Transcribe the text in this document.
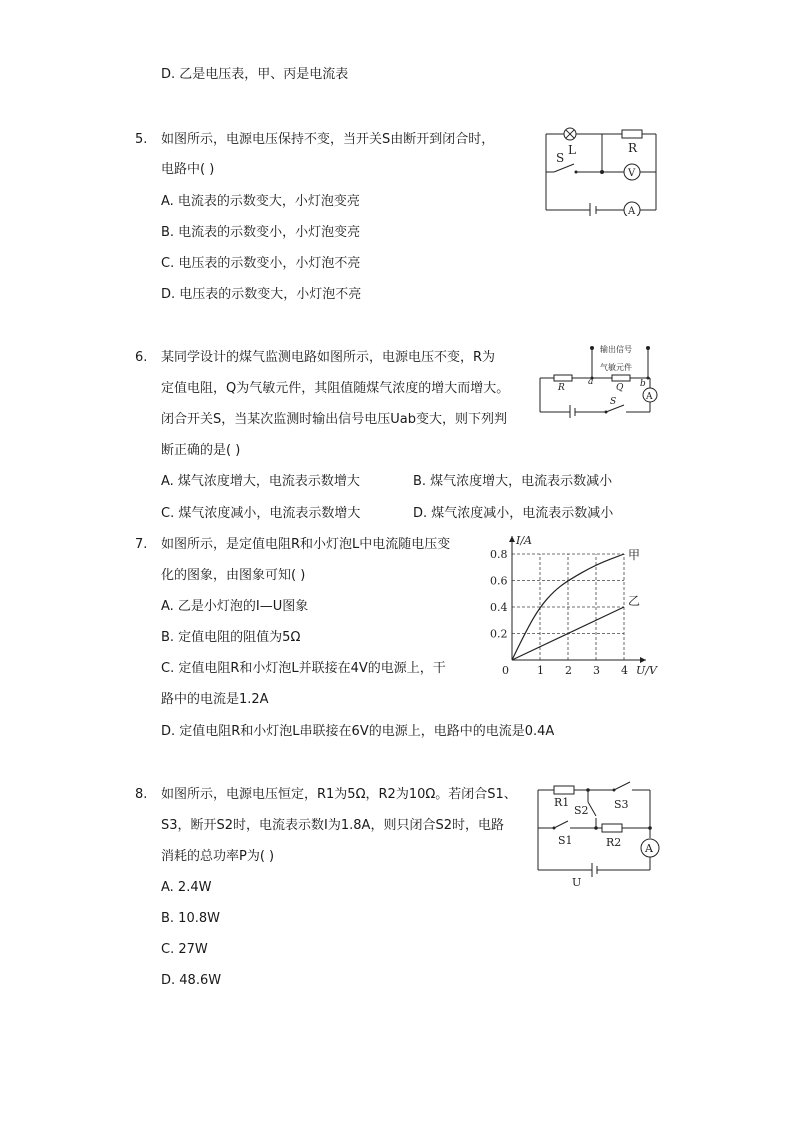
D. 乙是电压表，甲、丙是电流表
5. 如图所示，电源电压保持不变，当开关S由断开到闭合时，
电路中( )
A. 电流表的示数变大，小灯泡变亮
B. 电流表的示数变小，小灯泡变亮
C. 电压表的示数变小，小灯泡不亮
D. 电压表的示数变大，小灯泡不亮
L
S
R
V
A
6. 某同学设计的煤气监测电路如图所示，电源电压不变，R为
定值电阻，Q为气敏元件，其阻值随煤气浓度的增大而增大。
闭合开关S，当某次监测时输出信号电压Uab变大，则下列判
断正确的是( )
A. 煤气浓度增大，电流表示数增大	B. 煤气浓度增大，电流表示数减小
C. 煤气浓度减小，电流表示数增大	D. 煤气浓度减小，电流表示数减小
输出信号
气敏元件
R
a
Q b
S	A
7. 如图所示，是定值电阻R和小灯泡L中电流随电压变
化的图象，由图象可知( )
A. 乙是小灯泡的I—U图象
B. 定值电阻的阻值为5Ω
C. 定值电阻R和小灯泡L并联接在4V的电源上，干
路中的电流是1.2A
D. 定值电阻R和小灯泡L串联接在6V的电源上，电路中的电流是0.4A
0	1 2 3 4
0.2
0.4
0.6
0.8
I/A
U/V
甲
乙
8. 如图所示，电源电压恒定，R1为5Ω，R2为10Ω。若闭合S1、
S3，断开S2时，电流表示数I为1.8A，则只闭合S2时，电路
消耗的总功率P为( )
A. 2.4W
B. 10.8W
C. 27W
D. 48.6W
R1
S2 S3
S1	R2 A
U
